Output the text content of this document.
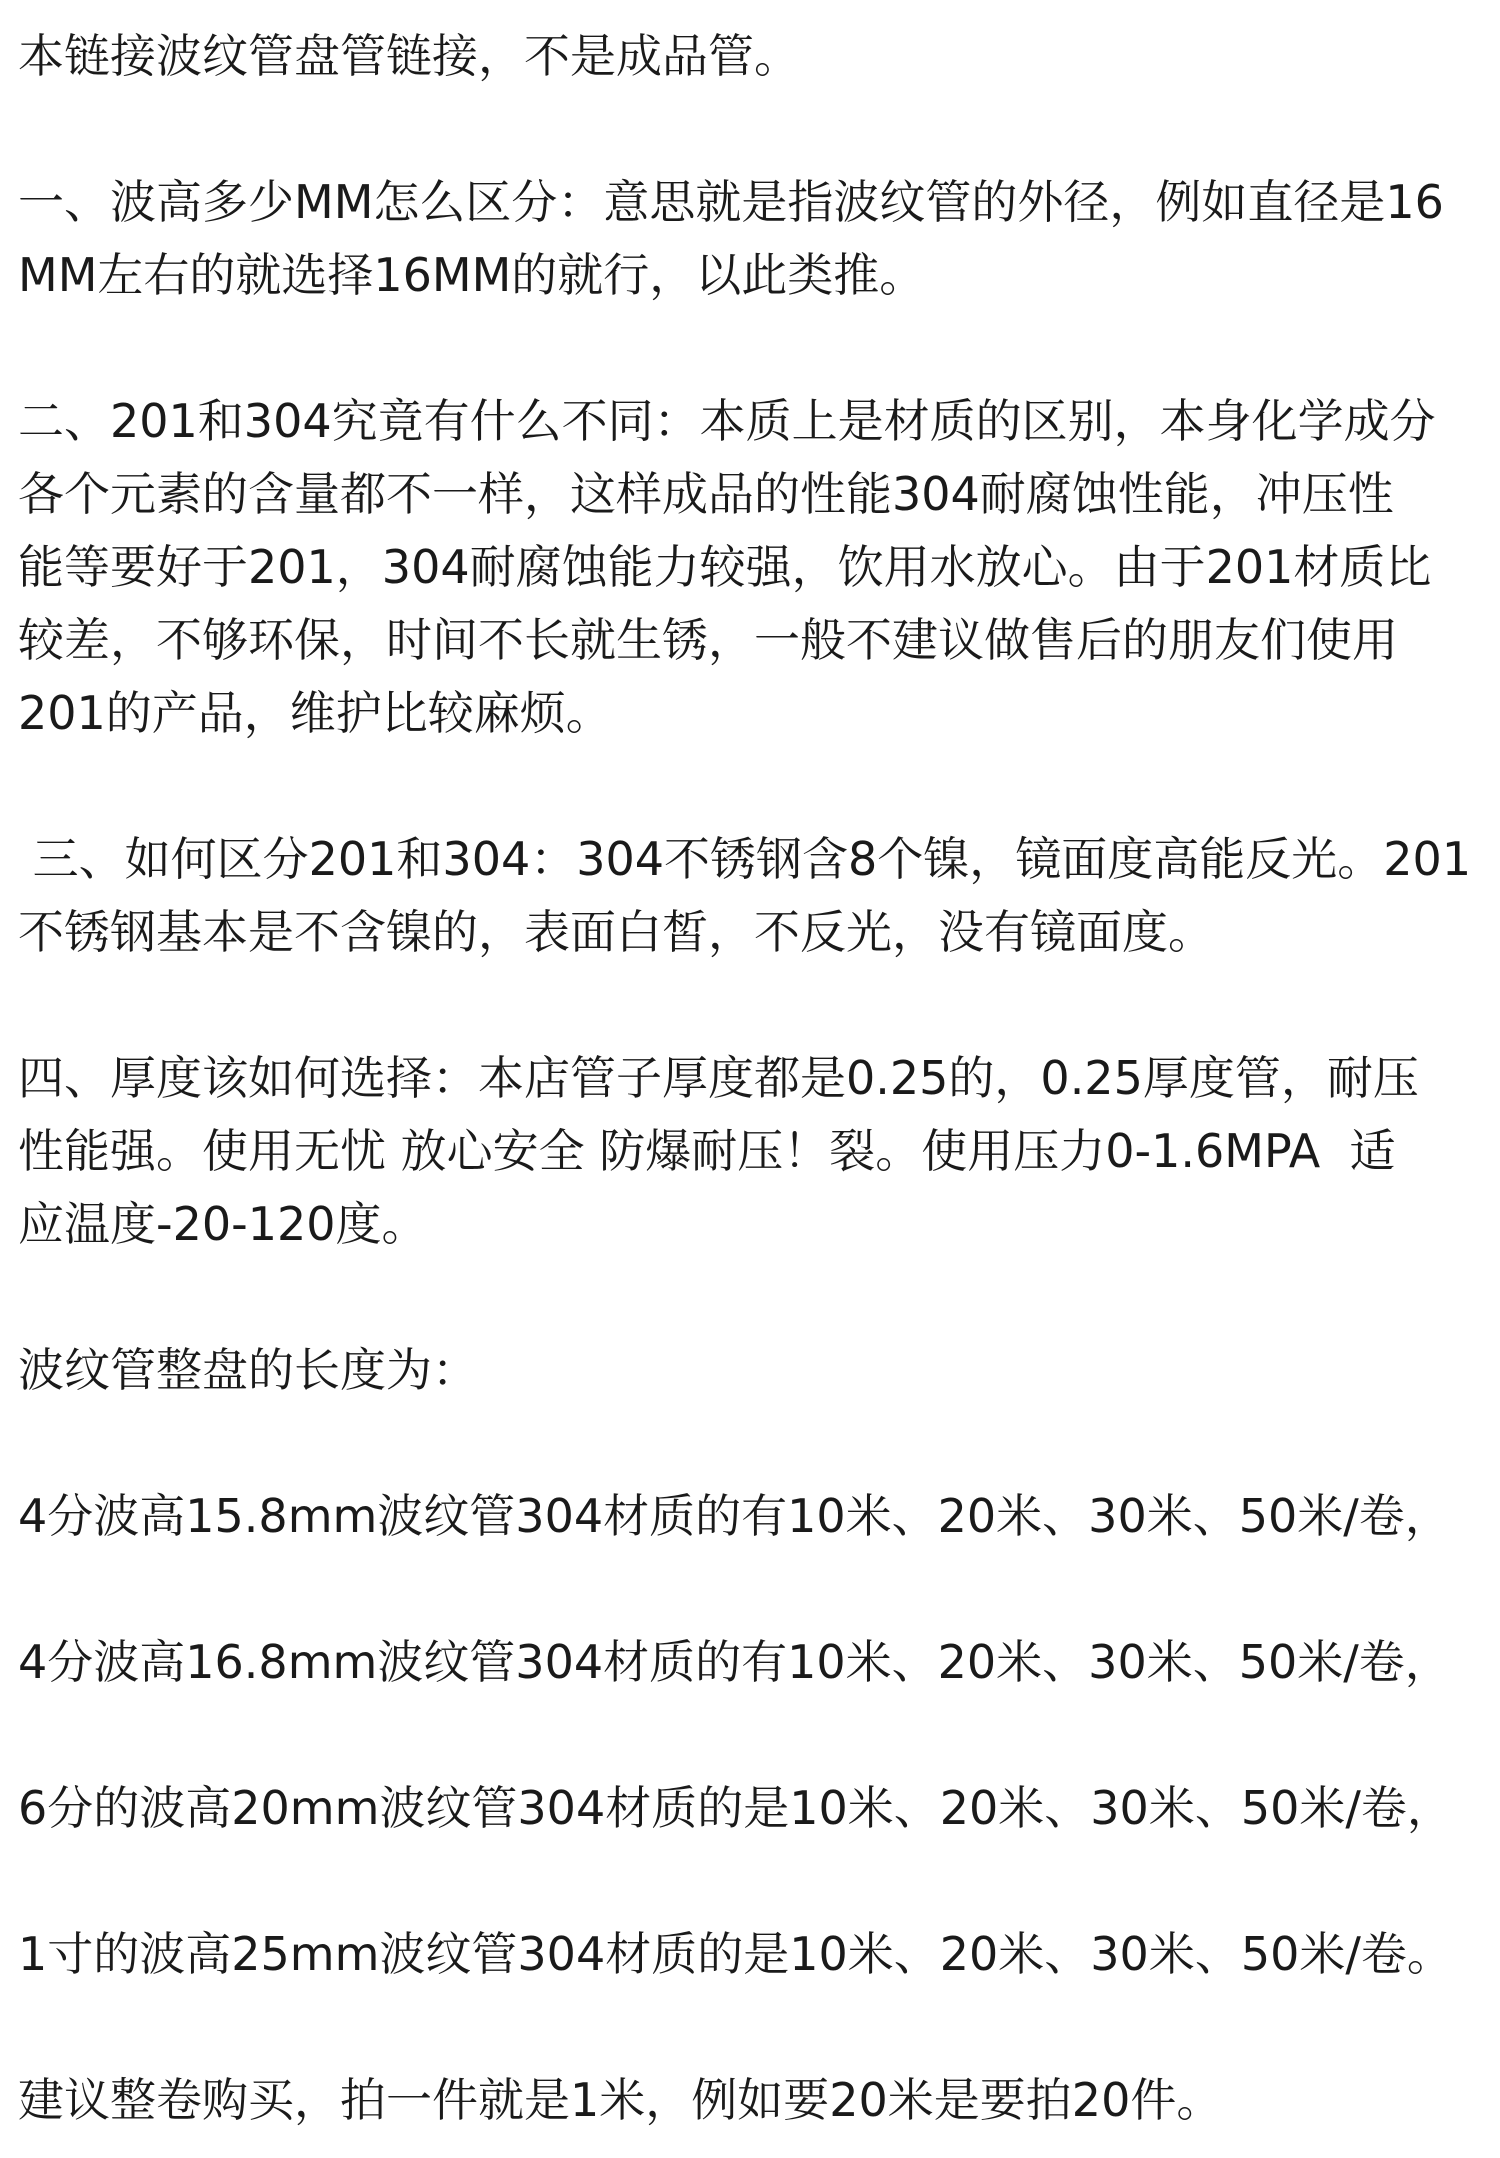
本链接波纹管盘管链接，不是成品管。
一、波高多少MM怎么区分：意思就是指波纹管的外径，例如直径是16
MM左右的就选择16MM的就行，以此类推。
二、201和304究竟有什么不同：本质上是材质的区别，本身化学成分
各个元素的含量都不一样，这样成品的性能304耐腐蚀性能，冲压性
能等要好于201，304耐腐蚀能力较强，饮用水放心。由于201材质比
较差，不够环保，时间不长就生锈，一般不建议做售后的朋友们使用
201的产品，维护比较麻烦。
三、如何区分201和304：304不锈钢含8个镍，镜面度高能反光。201
不锈钢基本是不含镍的，表面白皙，不反光，没有镜面度。
四、厚度该如何选择：本店管子厚度都是0.25的，0.25厚度管，耐压
性能强。使用无忧 放心安全 防爆耐压！裂。使用压力0-1.6MPA  适
应温度-20-120度。
波纹管整盘的长度为：
4分波高15.8mm波纹管304材质的有10米、20米、30米、50米/卷，
4分波高16.8mm波纹管304材质的有10米、20米、30米、50米/卷，
6分的波高20mm波纹管304材质的是10米、20米、30米、50米/卷，
1寸的波高25mm波纹管304材质的是10米、20米、30米、50米/卷。
建议整卷购买，拍一件就是1米，例如要20米是要拍20件。
